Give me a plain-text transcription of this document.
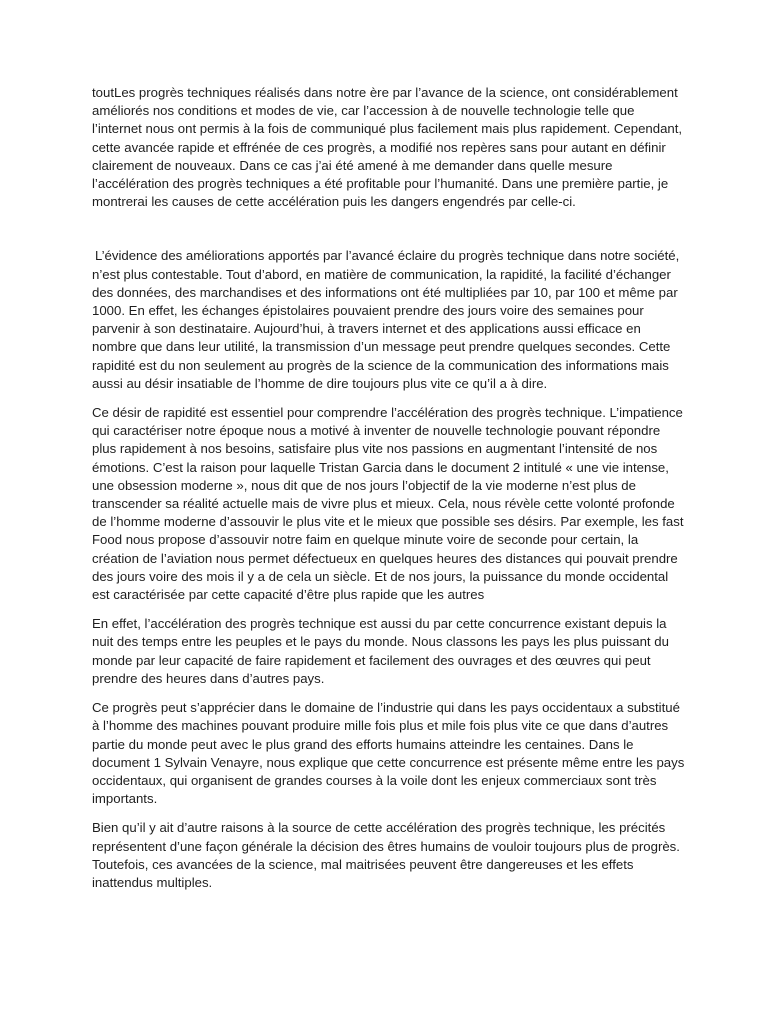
toutLes progrès techniques réalisés dans notre ère par l’avance de la science, ont considérablement améliorés nos conditions et modes de vie, car l’accession à de nouvelle technologie telle que l’internet nous ont permis à la fois de communiqué plus facilement mais plus rapidement. Cependant, cette avancée rapide et effrénée de ces progrès, a modifié nos repères sans pour autant en définir clairement de nouveaux. Dans ce cas j’ai été amené à me demander dans quelle mesure l’accélération des progrès techniques a été profitable pour l’humanité. Dans une première partie, je montrerai les causes de cette accélération puis les dangers engendrés par celle-ci.

L’évidence des améliorations apportés par l’avancé éclaire du progrès technique dans notre société, n’est plus contestable. Tout d’abord, en matière de communication, la rapidité, la facilité d’échanger des données, des marchandises et des informations ont été multipliées par 10, par 100 et même par 1000. En effet, les échanges épistolaires pouvaient prendre des jours voire des semaines pour parvenir à son destinataire. Aujourd’hui, à travers internet et des applications aussi efficace en nombre que dans leur utilité, la transmission d’un message peut prendre quelques secondes. Cette rapidité est du non seulement au progrès de la science de la communication des informations mais aussi au désir insatiable de l’homme de dire toujours plus vite ce qu’il a à dire.

Ce désir de rapidité est essentiel pour comprendre l’accélération des progrès technique. L’impatience qui caractériser notre époque nous a motivé à inventer de nouvelle technologie pouvant répondre plus rapidement à nos besoins, satisfaire plus vite nos passions en augmentant l’intensité de nos émotions. C’est la raison pour laquelle Tristan Garcia dans le document 2 intitulé « une vie intense, une obsession moderne », nous dit que de nos jours l’objectif de la vie moderne n’est plus de transcender sa réalité actuelle mais de vivre plus et mieux. Cela, nous révèle cette volonté profonde de l’homme moderne d’assouvir le plus vite et le mieux que possible ses désirs. Par exemple, les fast Food nous propose d’assouvir notre faim en quelque minute voire de seconde pour certain, la création de l’aviation nous permet défectueux en quelques heures des distances qui pouvait prendre des jours voire des mois il y a de cela un siècle. Et de nos jours, la puissance du monde occidental est caractérisée par cette capacité d’être plus rapide que les autres

En effet, l’accélération des progrès technique est aussi du par cette concurrence existant depuis la nuit des temps entre les peuples et le pays du monde. Nous classons les pays les plus puissant du monde par leur capacité de faire rapidement et facilement des ouvrages et des œuvres qui peut prendre des heures dans d’autres pays.

Ce progrès peut s’apprécier dans le domaine de l’industrie qui dans les pays occidentaux a substitué à l’homme des machines pouvant produire mille fois plus et mile fois plus vite ce que dans d’autres partie du monde peut avec le plus grand des efforts humains atteindre les centaines. Dans le document 1 Sylvain Venayre, nous explique que cette concurrence est présente même entre les pays occidentaux, qui organisent de grandes courses à la voile dont les enjeux commerciaux sont très importants.

Bien qu’il y ait d’autre raisons à la source de cette accélération des progrès technique, les précités représentent d’une façon générale la décision des êtres humains de vouloir toujours plus de progrès. Toutefois, ces avancées de la science, mal maitrisées peuvent être dangereuses et les effets inattendus multiples.
